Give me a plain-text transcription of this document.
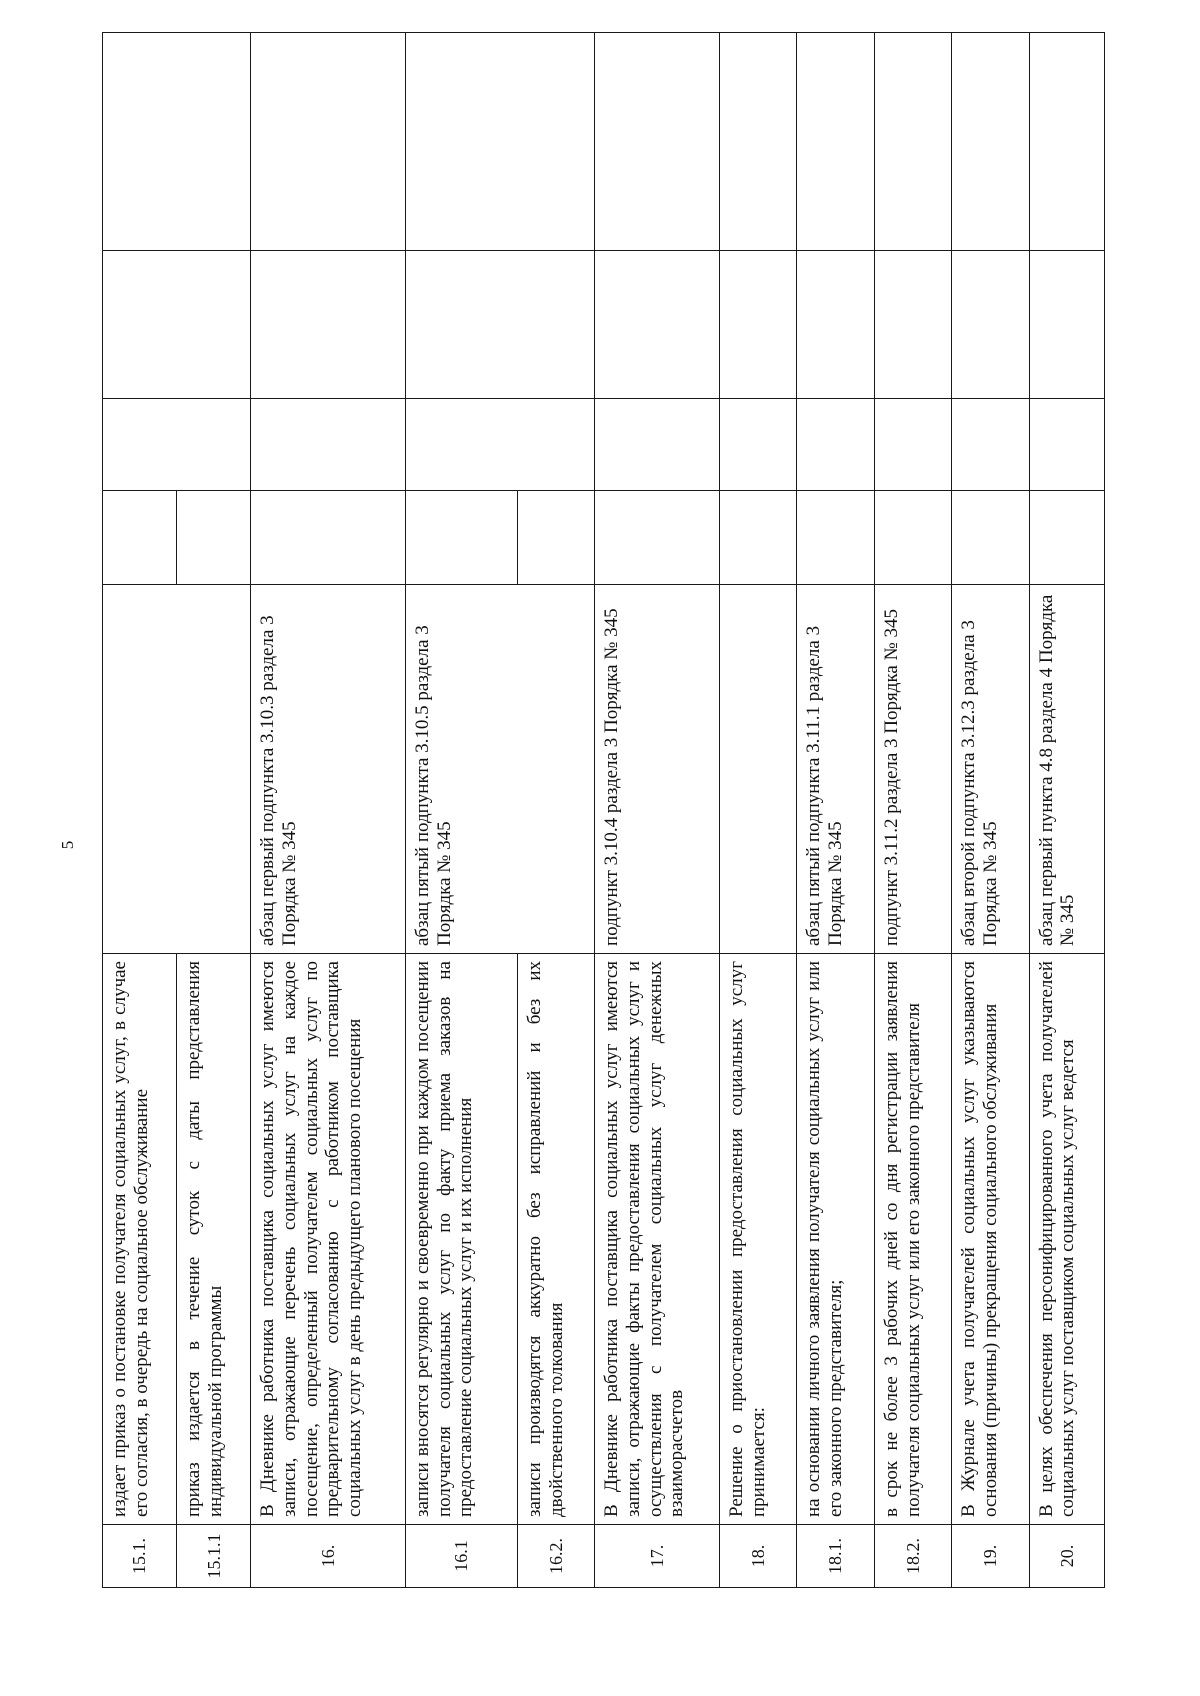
5
15.1.	издает приказ о постановке получателя социальных услуг, в случае его согласия, в очередь на социальное обслуживание					
15.1.1	приказ издается в течение суток с даты представления индивидуальной программы					
16.	В Дневнике работника поставщика социальных услуг имеются записи, отражающие перечень социальных услуг на каждое посещение, определенный получателем социальных услуг по предварительному согласованию с работником поставщика социальных услуг в день предыдущего планового посещения	абзац первый подпункта 3.10.3 раздела 3 Порядка № 345				
16.1	записи вносятся регулярно и своевременно при каждом посещении получателя социальных услуг по факту приема заказов на предоставление социальных услуг и их исполнения	абзац пятый подпункта 3.10.5 раздела 3 Порядка № 345				
16.2.	записи производятся аккуратно без исправлений и без их двойственного толкования					
17.	В Дневнике работника поставщика социальных услуг имеются записи, отражающие факты предоставления социальных услуг и осуществления с получателем социальных услуг денежных взаиморасчетов	подпункт 3.10.4 раздела 3 Порядка № 345				
18.	Решение о приостановлении предоставления социальных услуг принимается:					
18.1.	на основании личного заявления получателя социальных услуг или его законного представителя;	абзац пятый подпункта 3.11.1 раздела 3 Порядка № 345				
18.2.	в срок не более 3 рабочих дней со дня регистрации заявления получателя социальных услуг или его законного представителя	подпункт 3.11.2 раздела 3 Порядка № 345				
19.	В Журнале учета получателей социальных услуг указываются основания (причины) прекращения социального обслуживания	абзац второй подпункта 3.12.3 раздела 3 Порядка № 345				
20.	В целях обеспечения персонифицированного учета получателей социальных услуг поставщиком социальных услуг ведется	абзац первый пункта 4.8 раздела 4 Порядка № 345				
